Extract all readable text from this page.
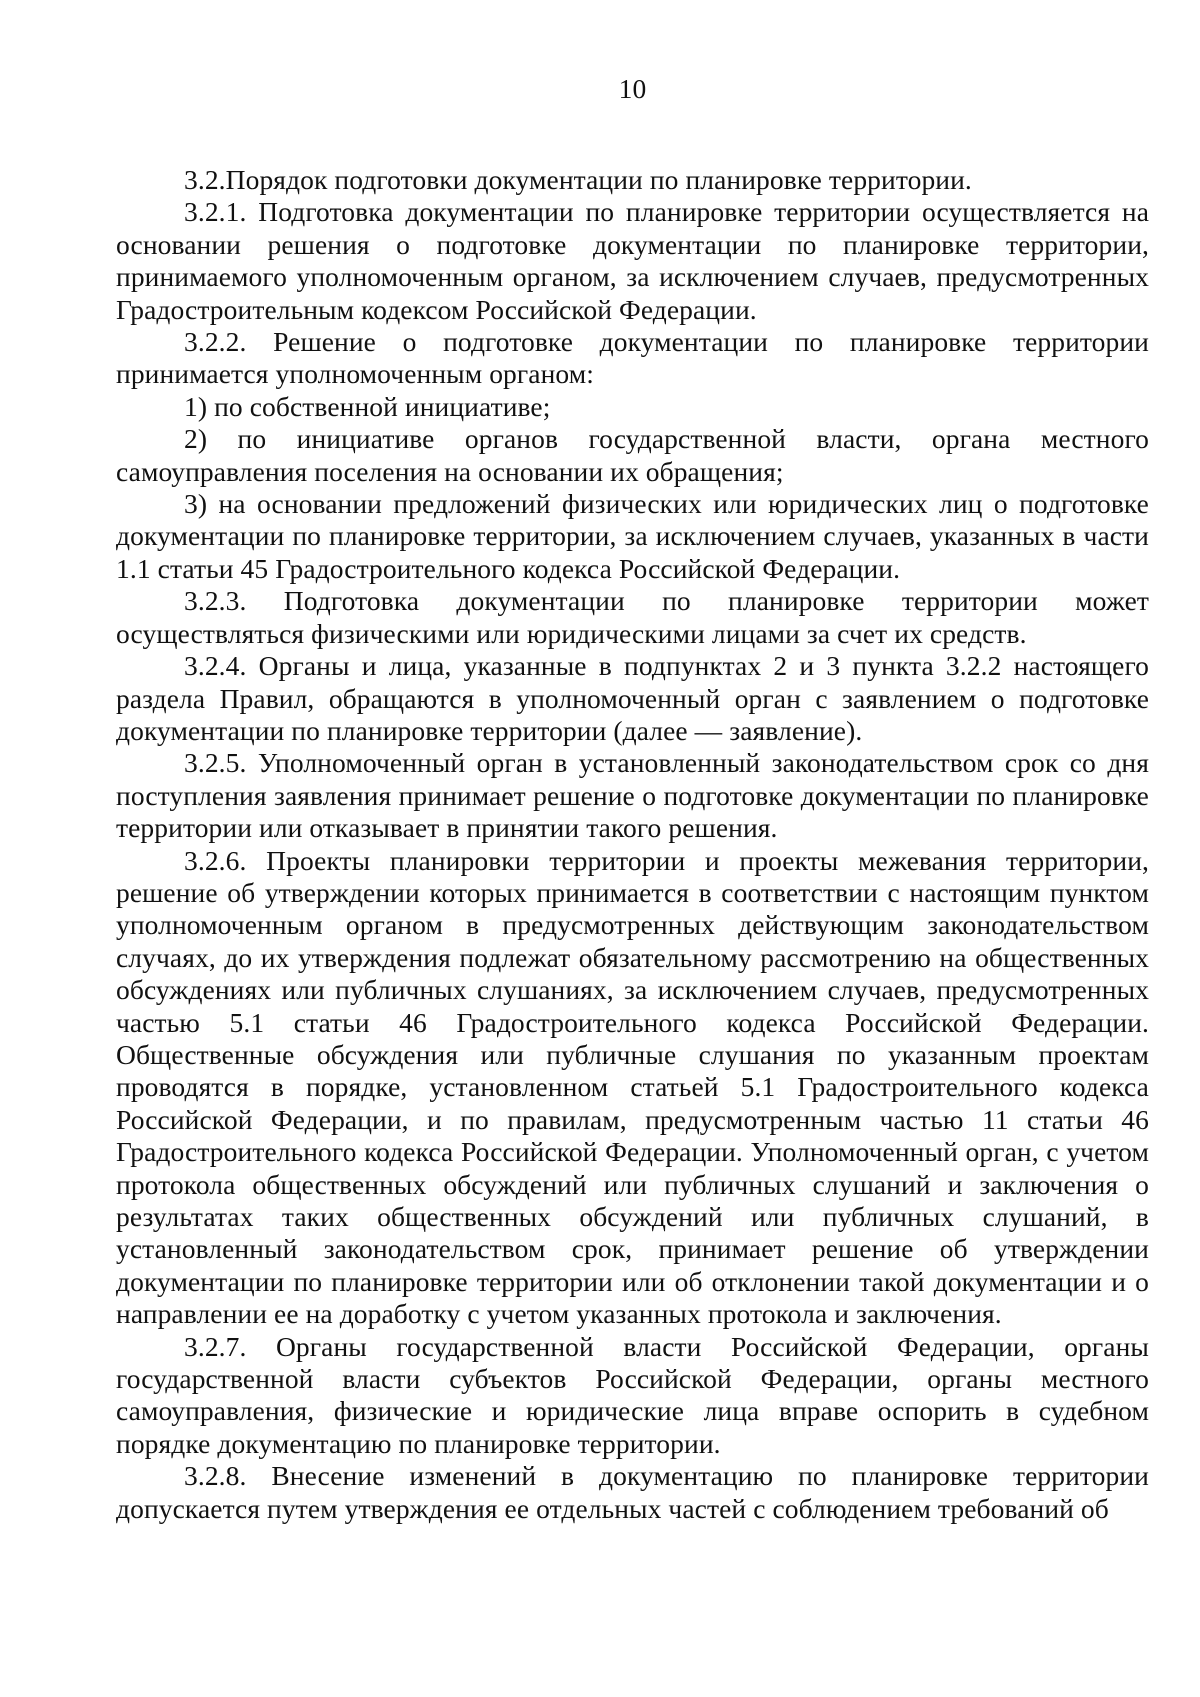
10

3.2.Порядок подготовки документации по планировке территории.

3.2.1. Подготовка документации по планировке территории осуществляется на основании решения о подготовке документации по планировке территории, принимаемого уполномоченным органом, за исключением случаев, предусмотренных Градостроительным кодексом Российской Федерации.

3.2.2. Решение о подготовке документации по планировке территории принимается уполномоченным органом:

1) по собственной инициативе;

2) по инициативе органов государственной власти, органа местного самоуправления поселения на основании их обращения;

3) на основании предложений физических или юридических лиц о подготовке документации по планировке территории, за исключением случаев, указанных в части 1.1 статьи 45 Градостроительного кодекса Российской Федерации.

3.2.3. Подготовка документации по планировке территории может осуществляться физическими или юридическими лицами за счет их средств.

3.2.4. Органы и лица, указанные в подпунктах 2 и 3 пункта 3.2.2 настоящего раздела Правил, обращаются в уполномоченный орган с заявлением о подготовке документации по планировке территории (далее — заявление).

3.2.5. Уполномоченный орган в установленный законодательством срок со дня поступления заявления принимает решение о подготовке документации по планировке территории или отказывает в принятии такого решения.

3.2.6. Проекты планировки территории и проекты межевания территории, решение об утверждении которых принимается в соответствии с настоящим пунктом уполномоченным органом в предусмотренных действующим законодательством случаях, до их утверждения подлежат обязательному рассмотрению на общественных обсуждениях или публичных слушаниях, за исключением случаев, предусмотренных частью 5.1 статьи 46 Градостроительного кодекса Российской Федерации. Общественные обсуждения или публичные слушания по указанным проектам проводятся в порядке, установленном статьей 5.1 Градостроительного кодекса Российской Федерации, и по правилам, предусмотренным частью 11 статьи 46 Градостроительного кодекса Российской Федерации. Уполномоченный орган, с учетом протокола общественных обсуждений или публичных слушаний и заключения о результатах таких общественных обсуждений или публичных слушаний, в установленный законодательством срок, принимает решение об утверждении документации по планировке территории или об отклонении такой документации и о направлении ее на доработку с учетом указанных протокола и заключения.

3.2.7. Органы государственной власти Российской Федерации, органы государственной власти субъектов Российской Федерации, органы местного самоуправления, физические и юридические лица вправе оспорить в судебном порядке документацию по планировке территории.

3.2.8. Внесение изменений в документацию по планировке территории допускается путем утверждения ее отдельных частей с соблюдением требований об
